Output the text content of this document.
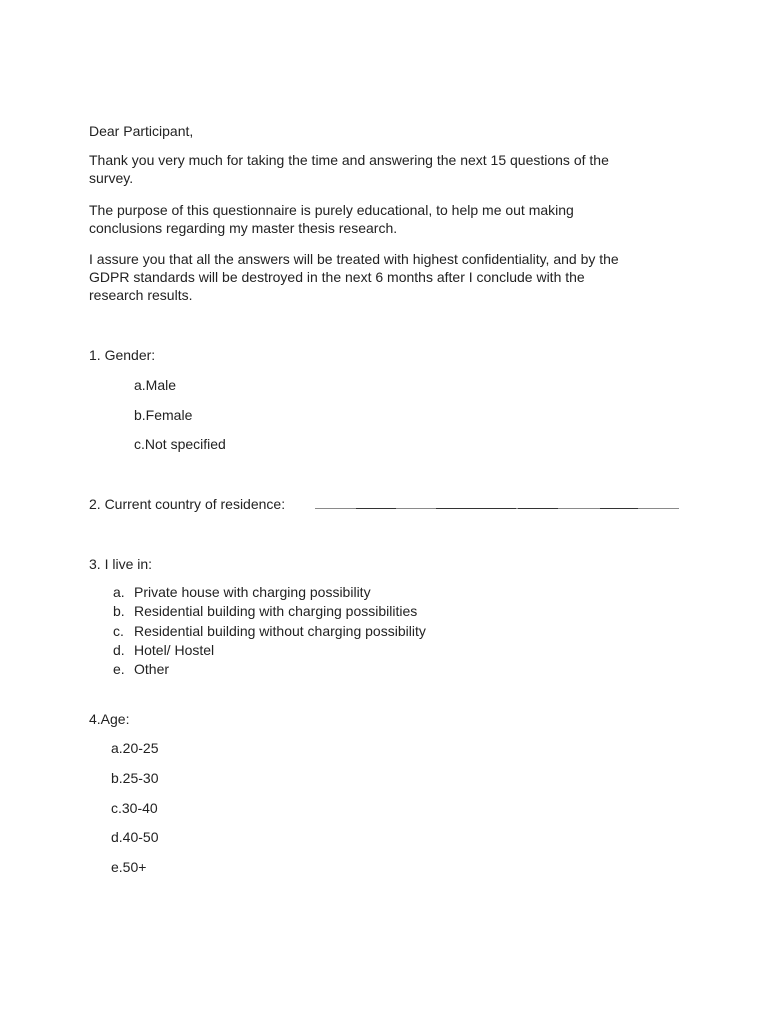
Dear Participant,
Thank you very much for taking the time and answering the next 15 questions of the
survey.
The purpose of this questionnaire is purely educational, to help me out making
conclusions regarding my master thesis research.
I assure you that all the answers will be treated with highest confidentiality, and by the
GDPR standards will be destroyed in the next 6 months after I conclude with the
research results.
1. Gender:
a.Male
b.Female
c.Not specified
2. Current country of residence:
3. I live in:
a. Private house with charging possibility
b. Residential building with charging possibilities
c. Residential building without charging possibility
d. Hotel/ Hostel
e. Other
4.Age:
a.20-25
b.25-30
c.30-40
d.40-50
e.50+
